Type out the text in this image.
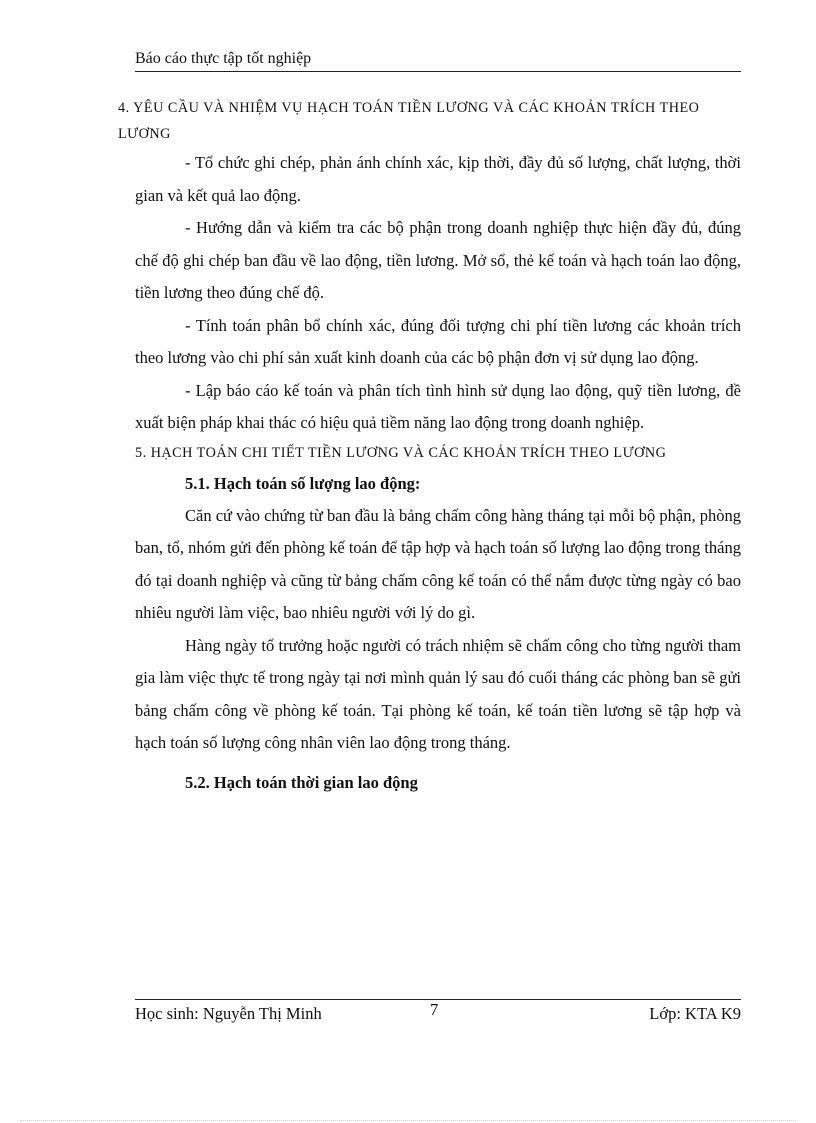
Báo cáo thực tập tốt nghiệp
4. YÊU CẦU VÀ NHIỆM VỤ HẠCH TOÁN TIỀN LƯƠNG VÀ CÁC KHOẢN TRÍCH THEO LƯƠNG

- Tổ chức ghi chép, phản ánh chính xác, kịp thời, đầy đủ số lượng, chất lượng, thời gian và kết quả lao động.

- Hướng dẫn và kiểm tra các bộ phận trong doanh nghiệp thực hiện đầy đủ, đúng chế độ ghi chép ban đầu về lao động, tiền lương. Mở sổ, thẻ kế toán và hạch toán lao động, tiền lương theo đúng chế độ.

- Tính toán phân bổ chính xác, đúng đối tượng chi phí tiền lương các khoản trích theo lương vào chi phí sản xuất kinh doanh của các bộ phận đơn vị sử dụng lao động.

- Lập báo cáo kế toán và phân tích tình hình sử dụng lao động, quỹ tiền lương, đề xuất biện pháp khai thác có hiệu quả tiềm năng lao động trong doanh nghiệp.

5. HẠCH TOÁN CHI TIẾT TIỀN LƯƠNG VÀ CÁC KHOẢN TRÍCH THEO LƯƠNG
5.1. Hạch toán số lượng lao động:

Căn cứ vào chứng từ ban đầu là bảng chấm công hàng tháng tại mỗi bộ phận, phòng ban, tổ, nhóm gửi đến phòng kế toán để tập hợp và hạch toán số lượng lao động trong tháng đó tại doanh nghiệp và cũng từ bảng chấm công kế toán có thể nắm được từng ngày có bao nhiêu người làm việc, bao nhiêu người với lý do gì.

Hàng ngày tổ trưởng hoặc người có trách nhiệm sẽ chấm công cho từng người tham gia làm việc thực tế trong ngày tại nơi mình quản lý sau đó cuối tháng các phòng ban sẽ gửi bảng chấm công về phòng kế toán. Tại phòng kế toán, kế toán tiền lương sẽ tập hợp và hạch toán số lượng công nhân viên lao động trong tháng.

5.2. Hạch toán thời gian lao động
Học sinh: Nguyễn Thị Minh	7	Lớp: KTA K9
